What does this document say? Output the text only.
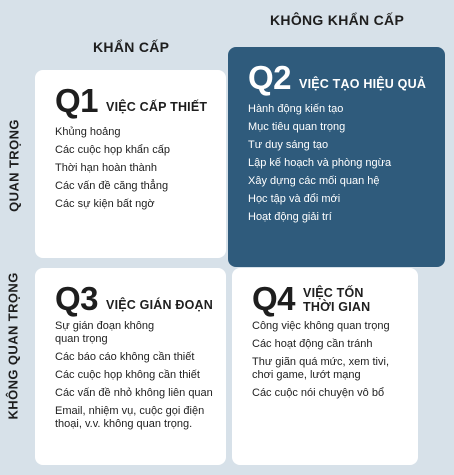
KHẨN CẤP
KHÔNG KHẨN CẤP
QUAN TRỌNG
KHÔNG QUAN TRỌNG
Q1 VIỆC CẤP THIẾT
Khủng hoảng
Các cuộc họp khẩn cấp
Thời hạn hoàn thành
Các vấn đề căng thẳng
Các sự kiện bất ngờ
Q2 VIỆC TẠO HIỆU QUẢ
Hành động kiến tạo
Mục tiêu quan trọng
Tư duy sáng tạo
Lập kế hoạch và phòng ngừa
Xây dựng các mối quan hệ
Học tập và đổi mới
Hoạt động giải trí
Q3 VIỆC GIÁN ĐOẠN
Sự gián đoạn không quan trọng
Các báo cáo không cần thiết
Các cuộc họp không cần thiết
Các vấn đề nhỏ không liên quan
Email, nhiệm vụ, cuộc gọi điện thoại, v.v. không quan trọng.
Q4 VIỆC TỐN THỜI GIAN
Công việc không quan trọng
Các hoạt động cần tránh
Thư giãn quá mức, xem tivi, chơi game, lướt mạng
Các cuộc nói chuyện vô bổ
